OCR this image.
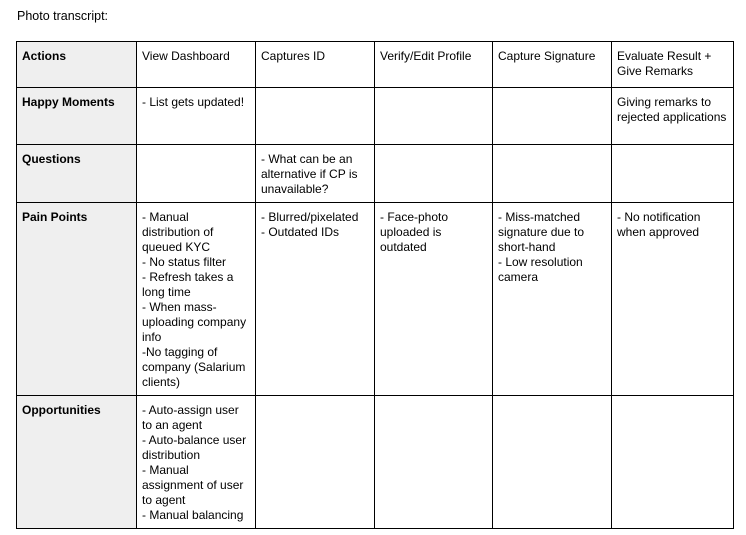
Photo transcript:
Actions	View Dashboard	Captures ID	Verify/Edit Profile	Capture Signature	Evaluate Result +
Give Remarks
Happy Moments	- List gets updated!				Giving remarks to rejected applications
Questions		- What can be an alternative if CP is unavailable?			
Pain Points	- Manual distribution of queued KYC
- No status filter
- Refresh takes a long time
- When mass-uploading company info
-No tagging of company (Salarium clients)	- Blurred/pixelated
- Outdated IDs	- Face-photo uploaded is outdated	- Miss-matched signature due to short-hand
- Low resolution camera	- No notification when approved
Opportunities	- Auto-assign user to an agent
- Auto-balance user distribution
- Manual assignment of user to agent
- Manual balancing				
